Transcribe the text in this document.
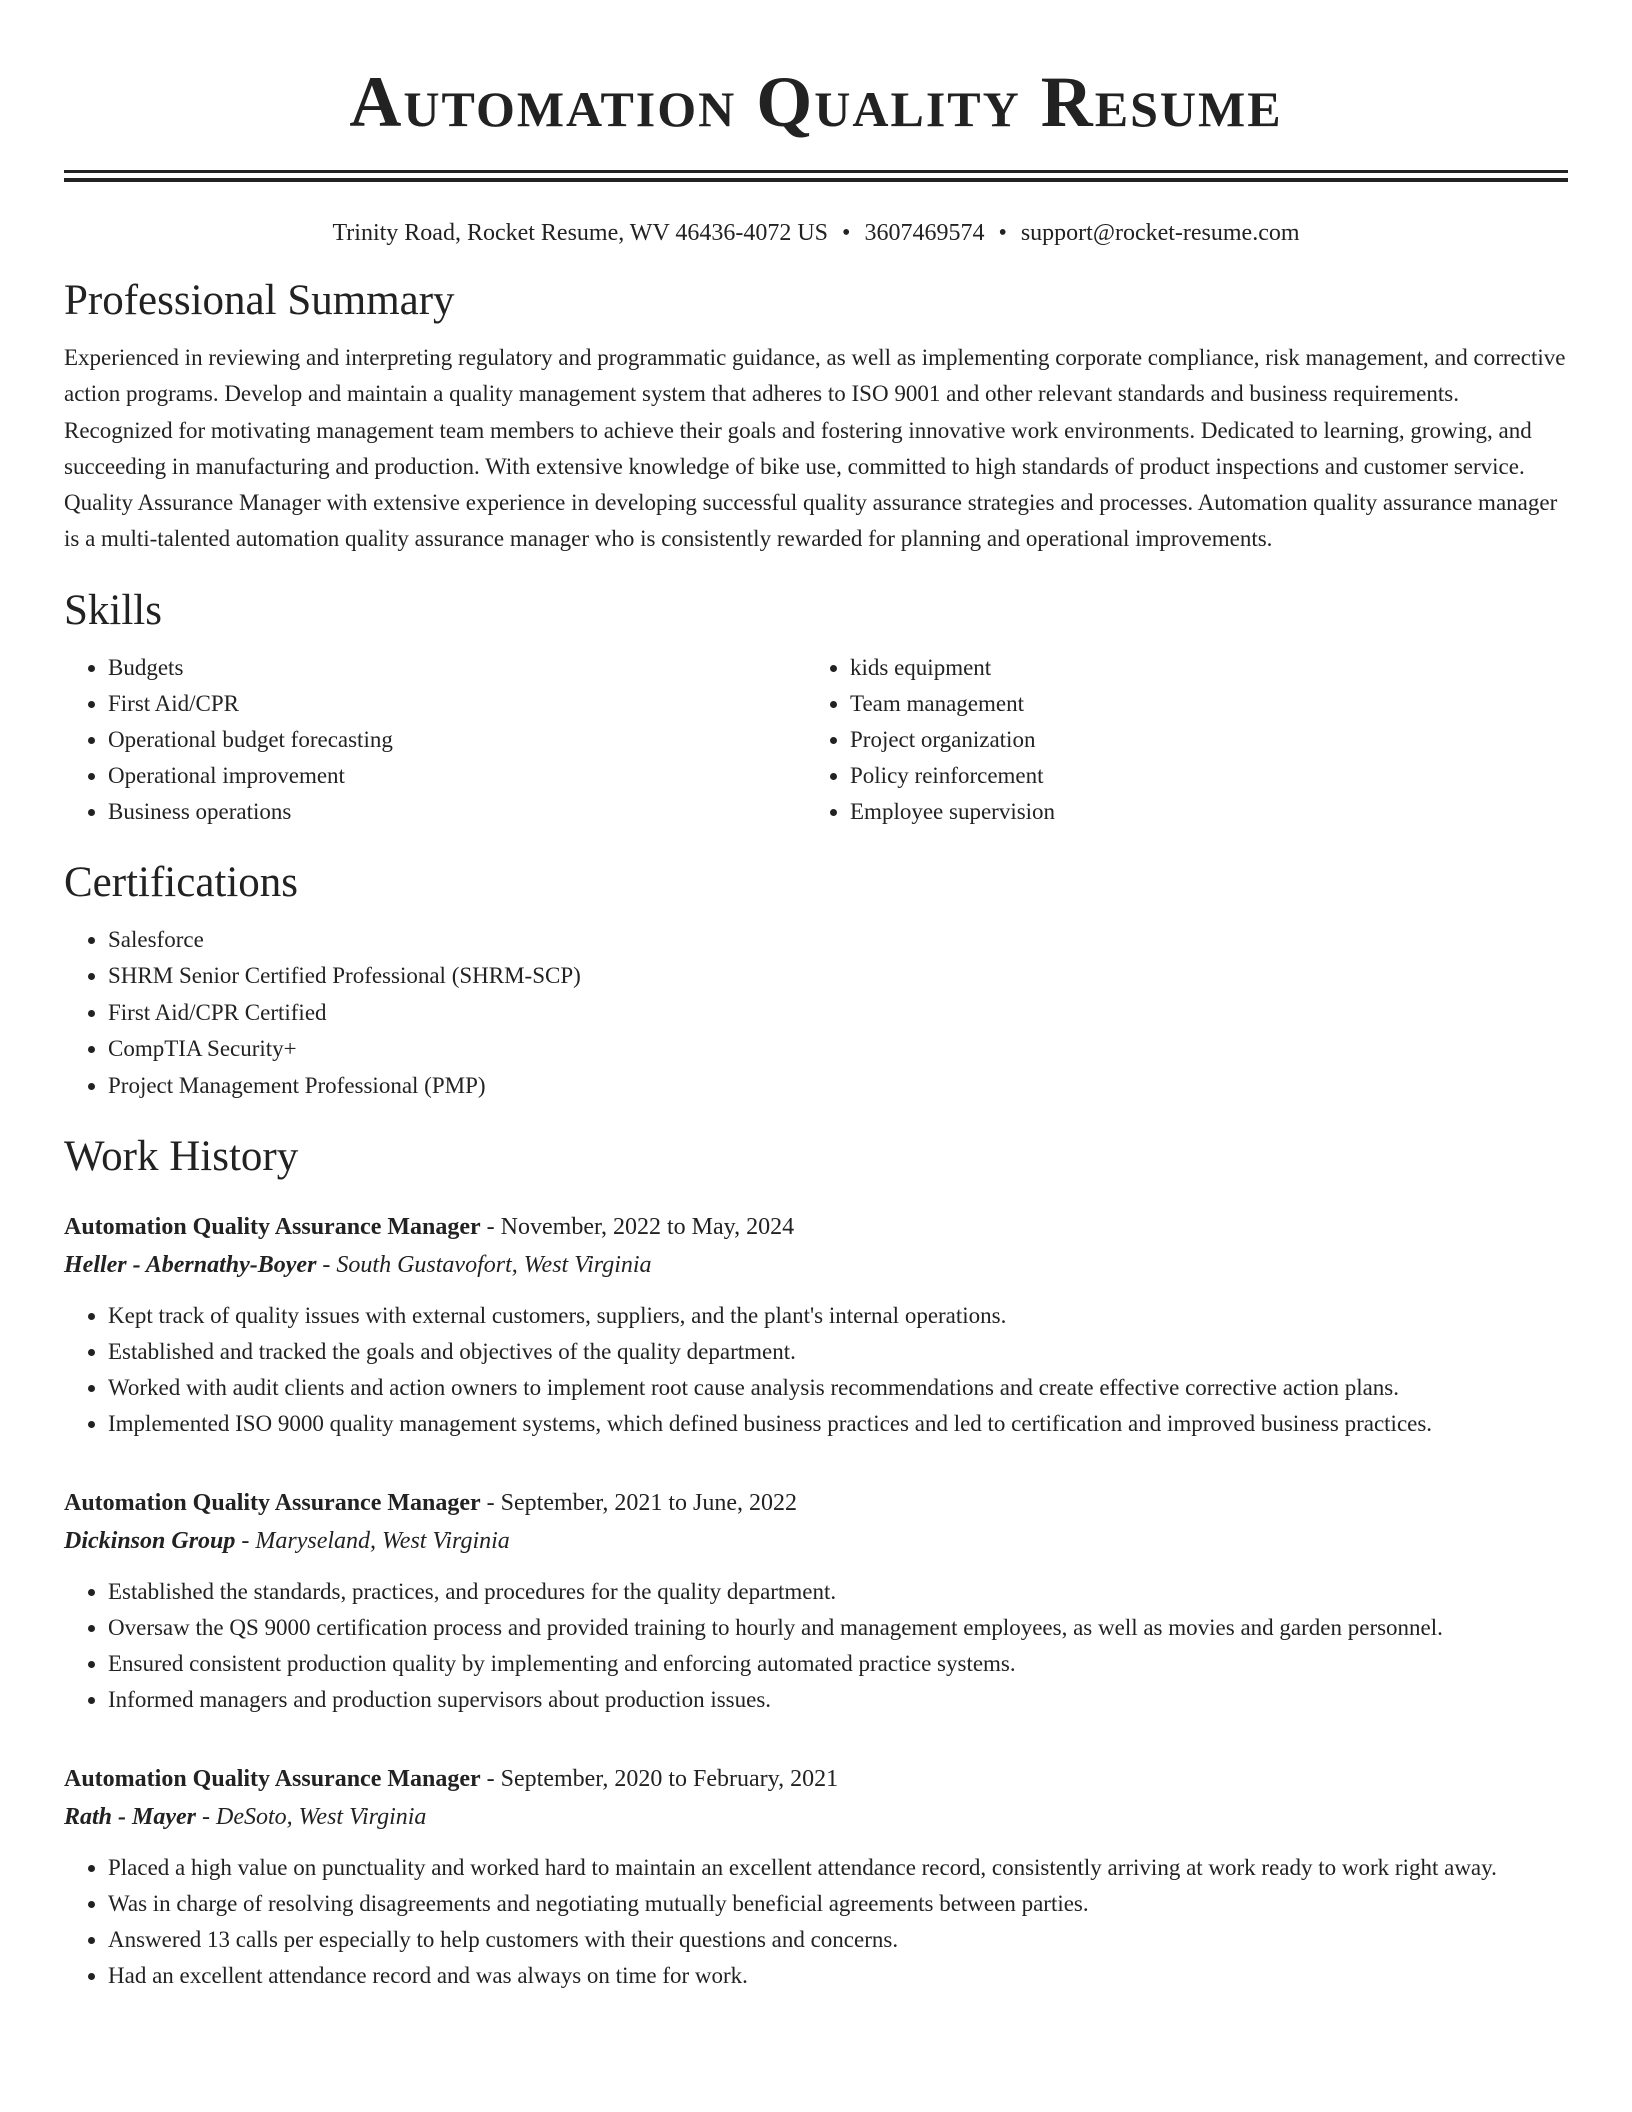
Automation Quality Resume
Trinity Road, Rocket Resume, WV 46436-4072 US • 3607469574 • support@rocket-resume.com
Professional Summary

Experienced in reviewing and interpreting regulatory and programmatic guidance, as well as implementing corporate compliance, risk management, and corrective action programs. Develop and maintain a quality management system that adheres to ISO 9001 and other relevant standards and business requirements. Recognized for motivating management team members to achieve their goals and fostering innovative work environments. Dedicated to learning, growing, and succeeding in manufacturing and production. With extensive knowledge of bike use, committed to high standards of product inspections and customer service. Quality Assurance Manager with extensive experience in developing successful quality assurance strategies and processes. Automation quality assurance manager is a multi-talented automation quality assurance manager who is consistently rewarded for planning and operational improvements.

Skills
• Budgets
• First Aid/CPR
• Operational budget forecasting
• Operational improvement
• Business operations
• kids equipment
• Team management
• Project organization
• Policy reinforcement
• Employee supervision
Certifications
• Salesforce
• SHRM Senior Certified Professional (SHRM-SCP)
• First Aid/CPR Certified
• CompTIA Security+
• Project Management Professional (PMP)
Work History
Automation Quality Assurance Manager - November, 2022 to May, 2024
Heller - Abernathy-Boyer - South Gustavofort, West Virginia
• Kept track of quality issues with external customers, suppliers, and the plant's internal operations.
• Established and tracked the goals and objectives of the quality department.
• Worked with audit clients and action owners to implement root cause analysis recommendations and create effective corrective action plans.
• Implemented ISO 9000 quality management systems, which defined business practices and led to certification and improved business practices.
Automation Quality Assurance Manager - September, 2021 to June, 2022
Dickinson Group - Maryseland, West Virginia
• Established the standards, practices, and procedures for the quality department.
• Oversaw the QS 9000 certification process and provided training to hourly and management employees, as well as movies and garden personnel.
• Ensured consistent production quality by implementing and enforcing automated practice systems.
• Informed managers and production supervisors about production issues.
Automation Quality Assurance Manager - September, 2020 to February, 2021
Rath - Mayer - DeSoto, West Virginia
• Placed a high value on punctuality and worked hard to maintain an excellent attendance record, consistently arriving at work ready to work right away.
• Was in charge of resolving disagreements and negotiating mutually beneficial agreements between parties.
• Answered 13 calls per especially to help customers with their questions and concerns.
• Had an excellent attendance record and was always on time for work.
